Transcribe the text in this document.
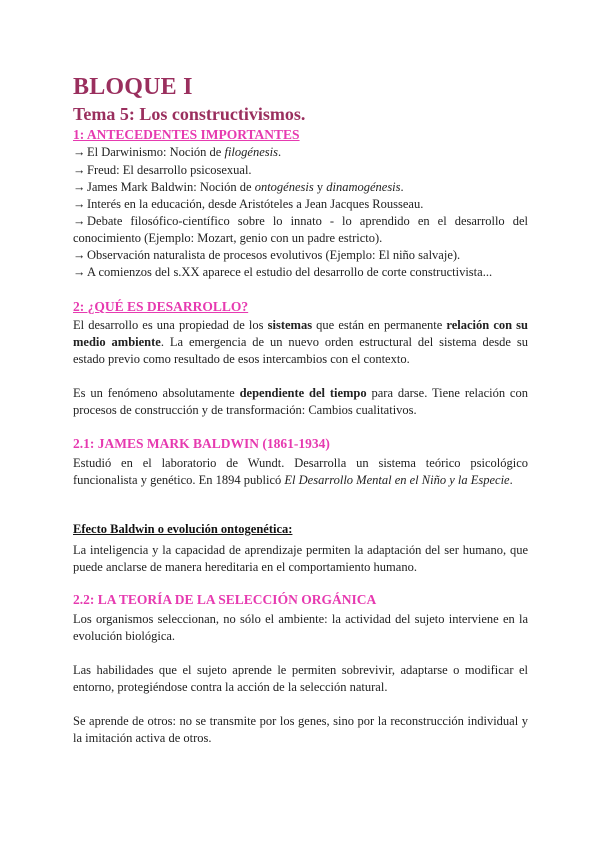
BLOQUE I
Tema 5: Los constructivismos.
1: ANTECEDENTES IMPORTANTES
→ El Darwinismo: Noción de filogénesis.
→ Freud: El desarrollo psicosexual.
→ James Mark Baldwin: Noción de ontogénesis y dinamogénesis.
→ Interés en la educación, desde Aristóteles a Jean Jacques Rousseau.
→ Debate filosófico-científico sobre lo innato - lo aprendido en el desarrollo del conocimiento (Ejemplo: Mozart, genio con un padre estricto).
→ Observación naturalista de procesos evolutivos (Ejemplo: El niño salvaje).
→ A comienzos del s.XX aparece el estudio del desarrollo de corte constructivista...
2: ¿QUÉ ES DESARROLLO?
El desarrollo es una propiedad de los sistemas que están en permanente relación con su medio ambiente. La emergencia de un nuevo orden estructural del sistema desde su estado previo como resultado de esos intercambios con el contexto.
Es un fenómeno absolutamente dependiente del tiempo para darse. Tiene relación con procesos de construcción y de transformación: Cambios cualitativos.
2.1: JAMES MARK BALDWIN (1861-1934)
Estudió en el laboratorio de Wundt. Desarrolla un sistema teórico psicológico funcionalista y genético. En 1894 publicó El Desarrollo Mental en el Niño y la Especie.
Efecto Baldwin o evolución ontogenética:
La inteligencia y la capacidad de aprendizaje permiten la adaptación del ser humano, que puede anclarse de manera hereditaria en el comportamiento humano.
2.2: LA TEORÍA DE LA SELECCIÓN ORGÁNICA
Los organismos seleccionan, no sólo el ambiente: la actividad del sujeto interviene en la evolución biológica.
Las habilidades que el sujeto aprende le permiten sobrevivir, adaptarse o modificar el entorno, protegiéndose contra la acción de la selección natural.
Se aprende de otros: no se transmite por los genes, sino por la reconstrucción individual y la imitación activa de otros.
